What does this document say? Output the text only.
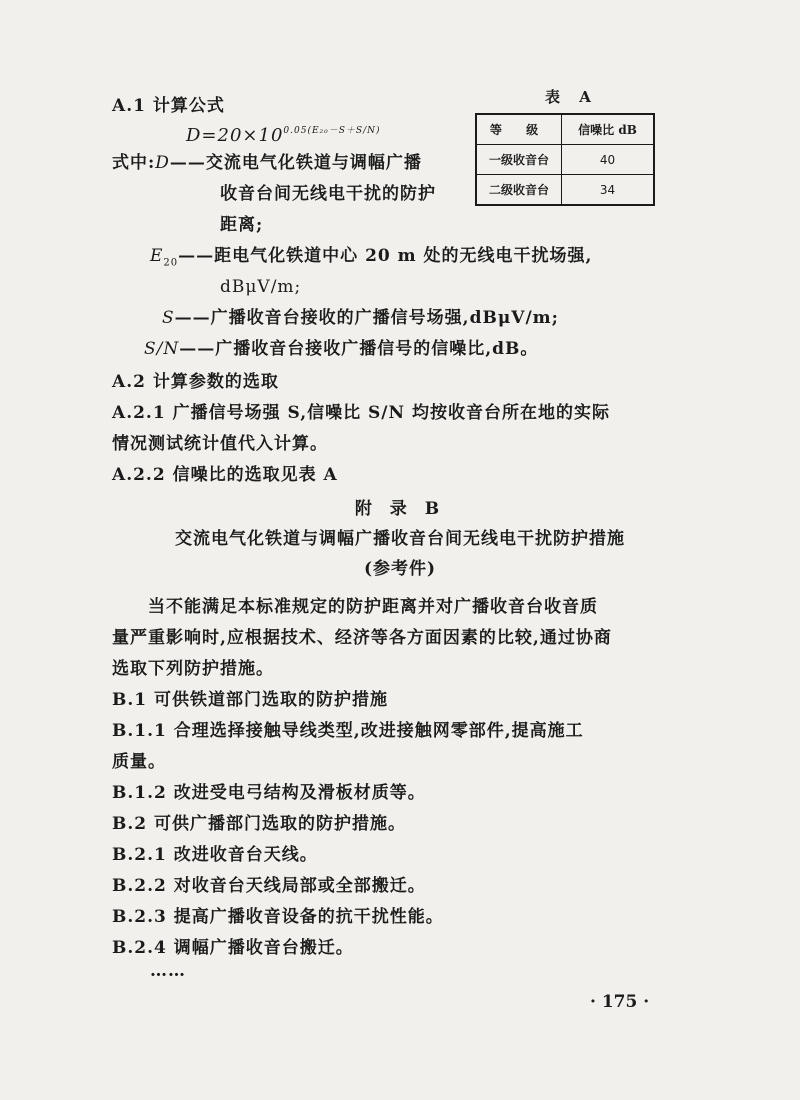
A.1 计算公式
$D=20\times 10^{0.05(E_{20}-S+S/N)}$
式中:D——交流电气化铁道与调幅广播
收音台间无线电干扰的防护
距离;
$E_{20}——$距电气化铁道中心 20 m 处的无线电干扰场强,
dBμV/m;
S——广播收音台接收的广播信号场强,dBμV/m;
S/N——广播收音台接收广播信号的信噪比,dB。
表 A
等 级	信噪比 dB
一级收音台	40
二级收音台	34
A.2 计算参数的选取
A.2.1 广播信号场强 S,信噪比 S/N 均按收音台所在地的实际
情况测试统计值代入计算。
A.2.2 信噪比的选取见表 A
附 录 B
交流电气化铁道与调幅广播收音台间无线电干扰防护措施
(参考件)
当不能满足本标准规定的防护距离并对广播收音台收音质
量严重影响时,应根据技术、经济等各方面因素的比较,通过协商
选取下列防护措施。
B.1 可供铁道部门选取的防护措施
B.1.1 合理选择接触导线类型,改进接触网零部件,提高施工
质量。
B.1.2 改进受电弓结构及滑板材质等。
B.2 可供广播部门选取的防护措施。
B.2.1 改进收音台天线。
B.2.2 对收音台天线局部或全部搬迁。
B.2.3 提高广播收音设备的抗干扰性能。
B.2.4 调幅广播收音台搬迁。
……
· 175 ·
